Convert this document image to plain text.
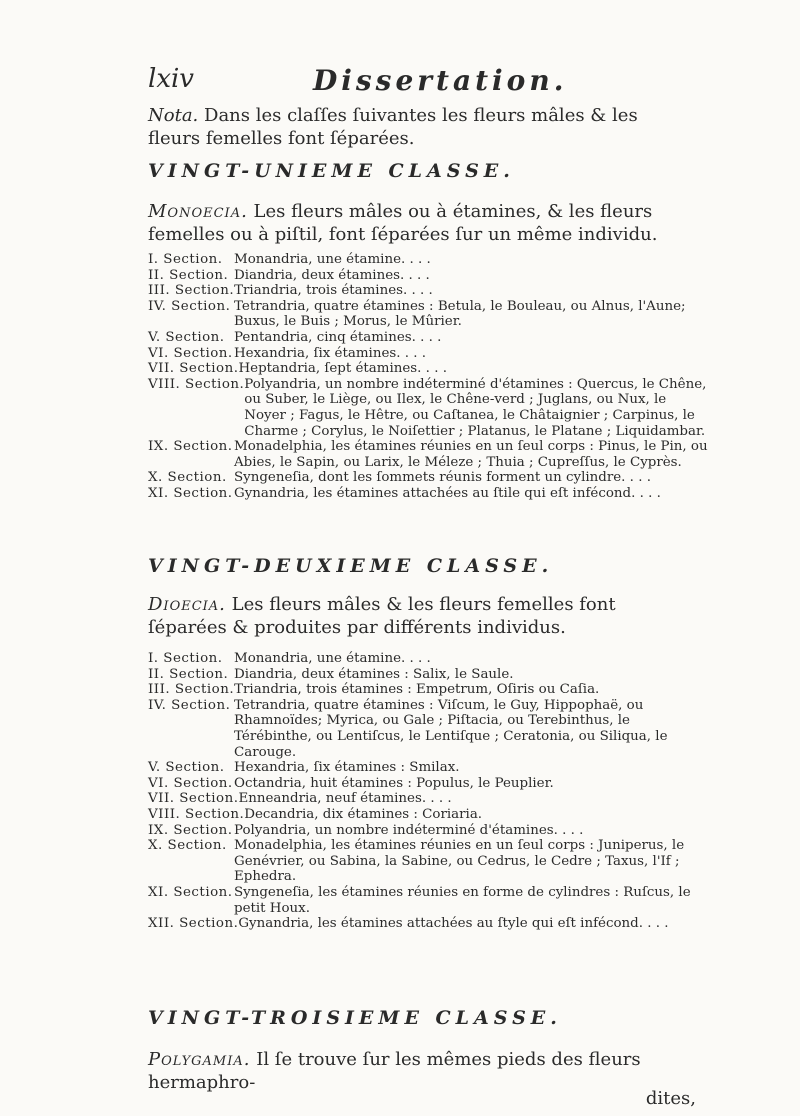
lxiv	Dissertation.

Nota. Dans les claſſes ſuivantes les fleurs mâles & les fleurs femelles font ſéparées.

VINGT-UNIEME CLASSE.

Monoecia. Les fleurs mâles ou à étamines, & les fleurs femelles ou à piſtil, font ſéparées ſur un même individu.

I. Section. Monandria, une étamine. . . .
II. Section. Diandria, deux étamines. . . .
III. Section. Triandria, trois étamines. . . .
IV. Section. Tetrandria, quatre étamines : Betula, le Bouleau, ou Alnus, l'Aune; Buxus, le Buis ; Morus, le Mûrier.
V. Section. Pentandria, cinq étamines. . . .
VI. Section. Hexandria, ſix étamines. . . .
VII. Section. Heptandria, ſept étamines. . . .
VIII. Section. Polyandria, un nombre indéterminé d'étamines : Quercus, le Chêne, ou Suber, le Liège, ou Ilex, le Chêne-verd ; Juglans, ou Nux, le Noyer ; Fagus, le Hêtre, ou Caſtanea, le Châtaignier ; Carpinus, le Charme ; Corylus, le Noiſettier ; Platanus, le Platane ; Liquidambar.
IX. Section. Monadelphia, les étamines réunies en un ſeul corps : Pinus, le Pin, ou Abies, le Sapin, ou Larix, le Méleze ; Thuia ; Cupreſſus, le Cyprès.
X. Section. Syngeneſia, dont les ſommets réunis forment un cylindre. . . .
XI. Section. Gynandria, les étamines attachées au ſtile qui eſt infécond. . . .
VINGT-DEUXIEME CLASSE.

Dioecia. Les fleurs mâles & les fleurs femelles font ſéparées & produites par différents individus.

I. Section. Monandria, une étamine. . . .
II. Section. Diandria, deux étamines : Salix, le Saule.
III. Section. Triandria, trois étamines : Empetrum, Oſiris ou Caſia.
IV. Section. Tetrandria, quatre étamines : Viſcum, le Guy, Hippophaë, ou Rhamnoïdes; Myrica, ou Gale ; Piſtacia, ou Terebinthus, le Térébinthe, ou Lentiſcus, le Lentiſque ; Ceratonia, ou Siliqua, le Carouge.
V. Section. Hexandria, ſix étamines : Smilax.
VI. Section. Octandria, huit étamines : Populus, le Peuplier.
VII. Section. Enneandria, neuf étamines. . . .
VIII. Section. Decandria, dix étamines : Coriaria.
IX. Section. Polyandria, un nombre indéterminé d'étamines. . . .
X. Section. Monadelphia, les étamines réunies en un ſeul corps : Juniperus, le Genévrier, ou Sabina, la Sabine, ou Cedrus, le Cedre ; Taxus, l'If ; Ephedra.
XI. Section. Syngeneſia, les étamines réunies en forme de cylindres : Ruſcus, le petit Houx.
XII. Section. Gynandria, les étamines attachées au ſtyle qui eſt infécond. . . .
VINGT-TROISIEME CLASSE.

Polygamia. Il ſe trouve ſur les mêmes pieds des fleurs hermaphro-

dites,
